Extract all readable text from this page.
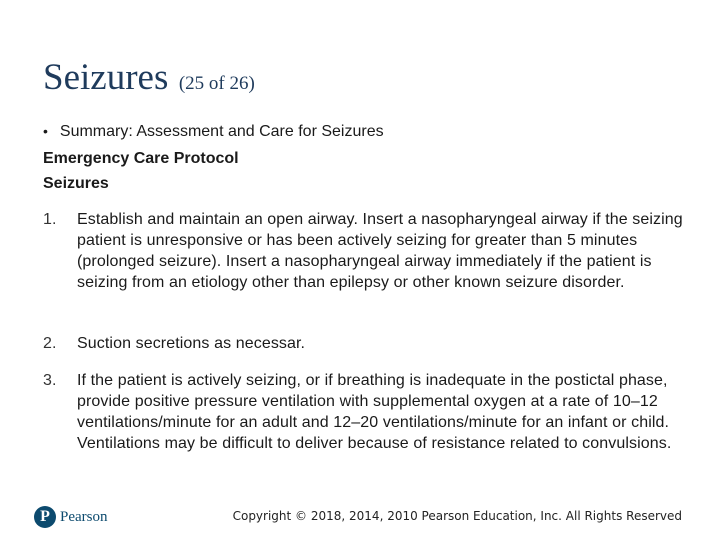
Seizures (25 of 26)
• Summary: Assessment and Care for Seizures
Emergency Care Protocol
Seizures
1.	Establish and maintain an open airway. Insert a nasopharyngeal airway if the seizing patient is unresponsive or has been actively seizing for greater than 5 minutes (prolonged seizure). Insert a nasopharyngeal airway immediately if the patient is seizing from an etiology other than epilepsy or other known seizure disorder.
2.	Suction secretions as necessar.
3.	If the patient is actively seizing, or if breathing is inadequate in the postictal phase, provide positive pressure ventilation with supplemental oxygen at a rate of 10–12 ventilations/minute for an adult and 12–20 ventilations/minute for an infant or child. Ventilations may be difficult to deliver because of resistance related to convulsions.
P Pearson	Copyright © 2018, 2014, 2010 Pearson Education, Inc. All Rights Reserved
